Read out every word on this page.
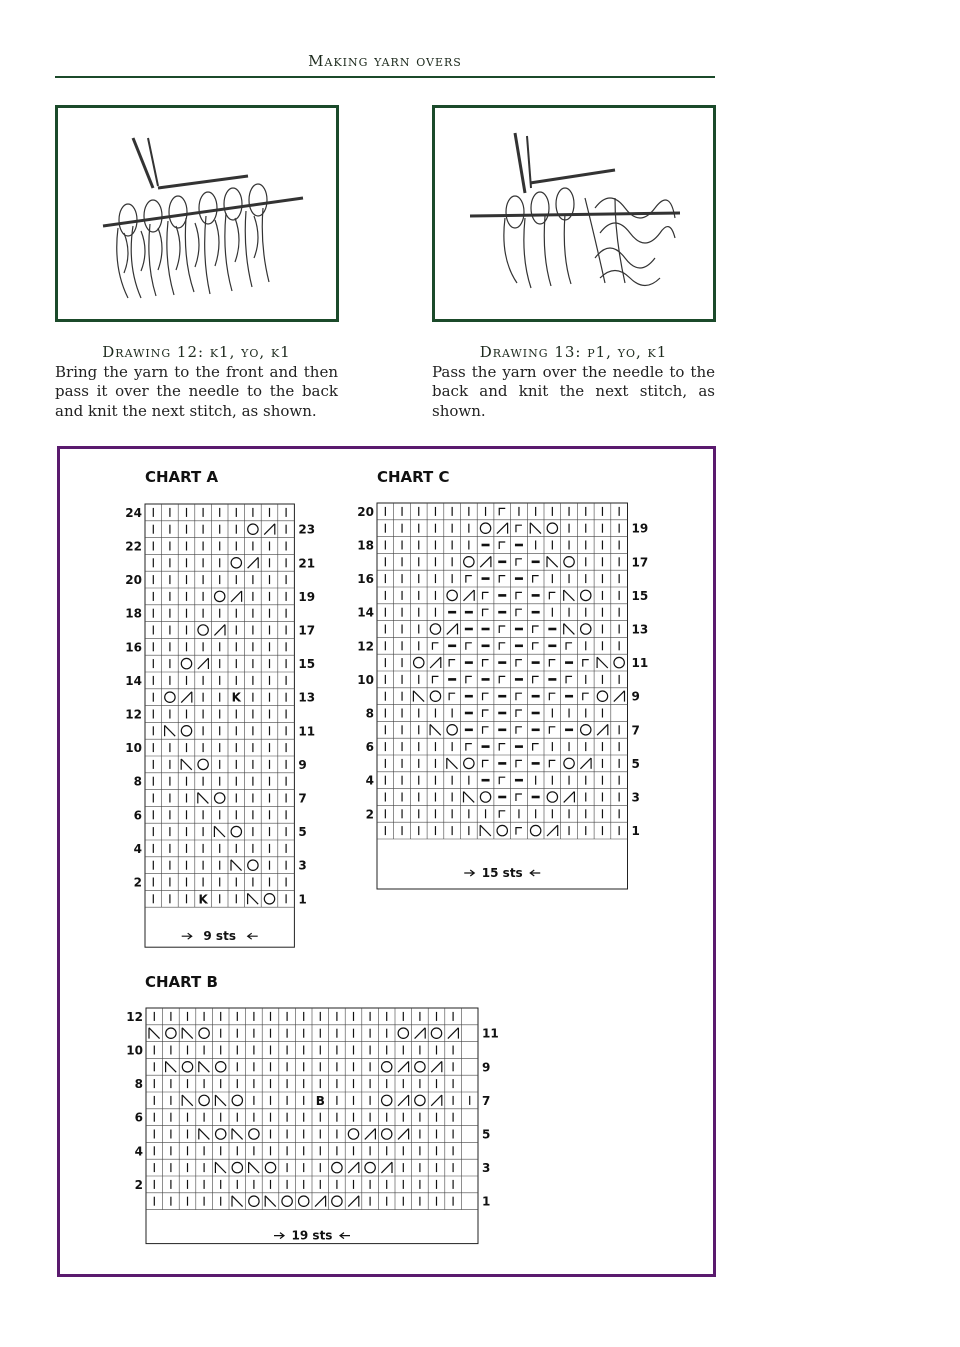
Making yarn overs
Drawing 12: k1, yo, k1
Bring the yarn to the front and then pass it over the needle to the back and knit the next stitch, as shown.
Drawing 13: p1, yo, k1
Pass the yarn over the needle to the back and knit the next stitch, as shown.
CHART A	CHART C
CHART B
K
K	1
2
3
4
5
6
7
8
9
10
11
12
13
14
15
16
17
18
19
20
21
22
23
24
9 sts
1
2
3
4
5
6
7
8
9
10
11
12
13
14
15
16
17
18
19
20
15 sts
B
1
2
3
4
5
6
7
8
9
10
11
12
19 sts
